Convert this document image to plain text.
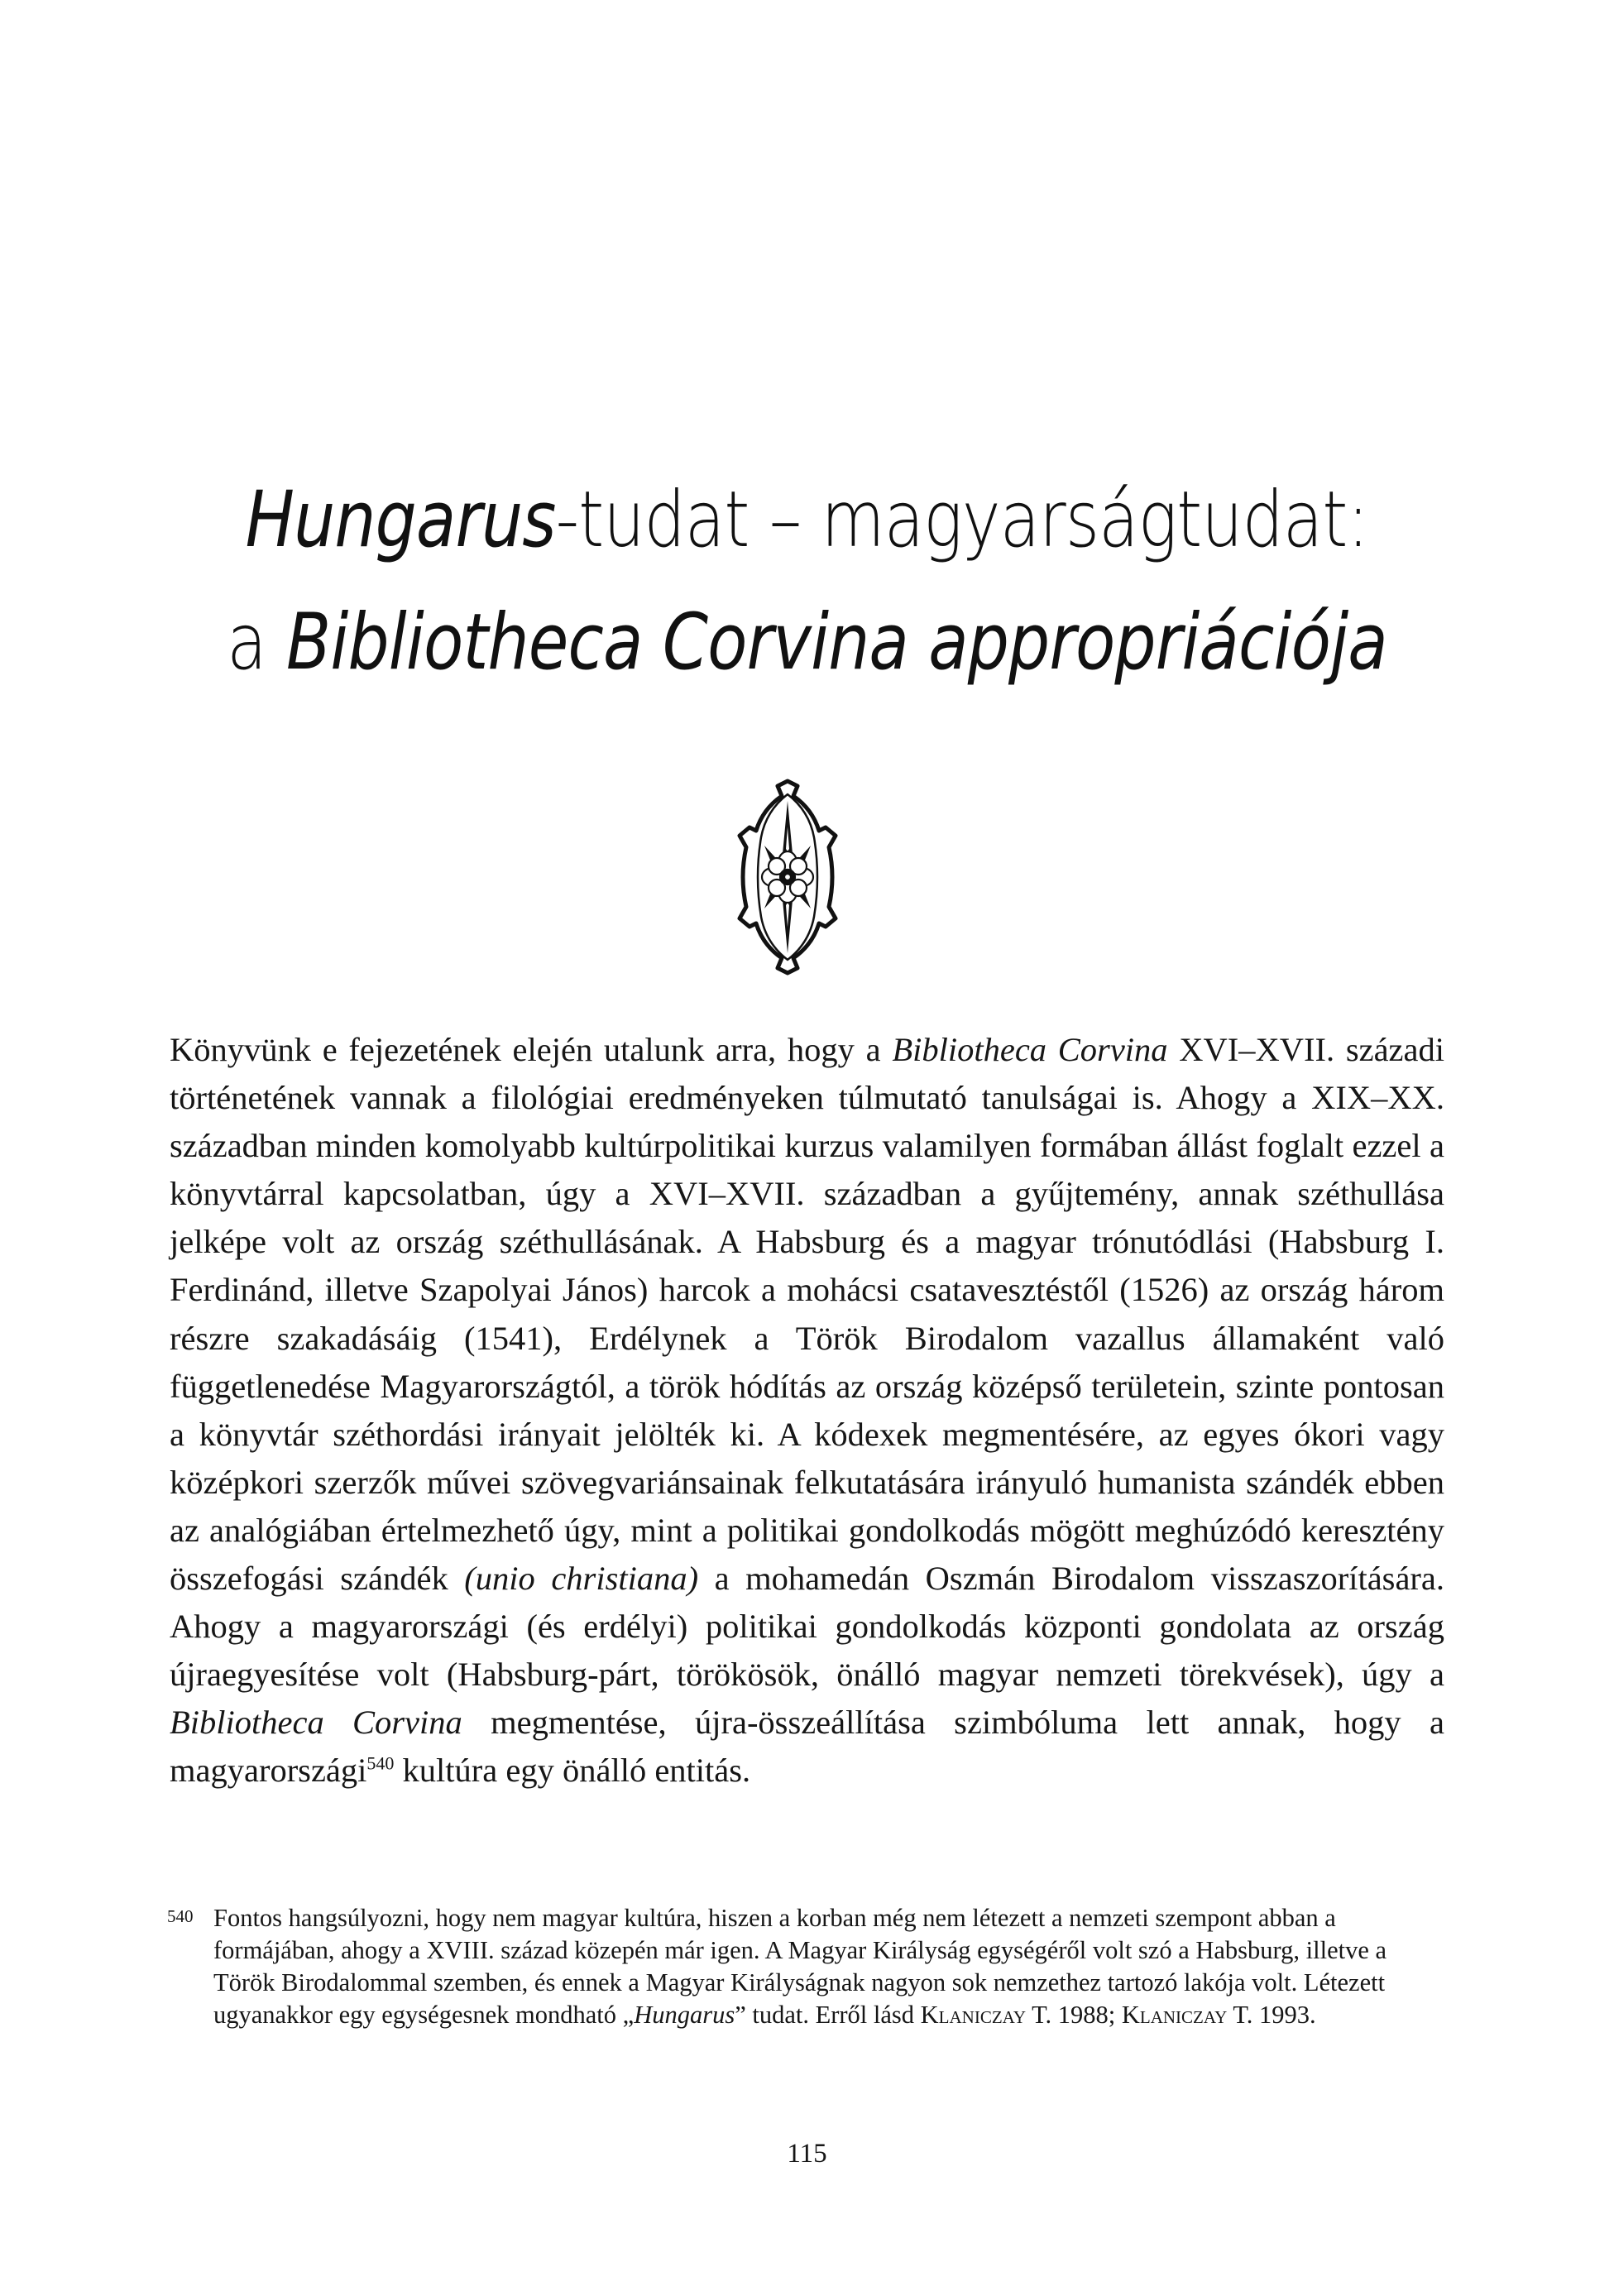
Hungarus-tudat – magyarságtudat:
a Bibliotheca Corvina appropriációja

Könyvünk e fejezetének elején utalunk arra, hogy a Bibliotheca Corvina XVI–XVII. századi történetének vannak a filológiai eredményeken túlmutató tanulságai is. Ahogy a XIX–XX. században minden komolyabb kultúrpolitikai kurzus valamilyen formában állást foglalt ezzel a könyvtárral kapcsolatban, úgy a XVI–XVII. században a gyűjtemény, annak széthullása jelképe volt az ország széthullásának. A Habsburg és a magyar trónutódlási (Habsburg I. Ferdinánd, illetve Szapolyai János) harcok a mohácsi csatavesztéstől (1526) az ország három részre szakadásáig (1541), Erdélynek a Török Birodalom vazallus államaként való függetlenedése Magyarországtól, a török hódítás az ország középső területein, szinte pontosan a könyvtár széthordási irányait jelölték ki. A kódexek megmentésére, az egyes ókori vagy középkori szerzők művei szövegvariánsainak felkutatására irányuló humanista szándék ebben az analógiában értelmezhető úgy, mint a politikai gondolkodás mögött meghúzódó keresztény összefogási szándék (unio christiana) a mohamedán Oszmán Birodalom visszaszorítására. Ahogy a magyarországi (és erdélyi) politikai gondolkodás központi gondolata az ország újraegyesítése volt (Habsburg-párt, törökösök, önálló magyar nemzeti törekvések), úgy a Bibliotheca Corvina megmentése, újra-összeállítása szimbóluma lett annak, hogy a magyarországi$^{540}$ kultúra egy önálló entitás.

540 Fontos hangsúlyozni, hogy nem magyar kultúra, hiszen a korban még nem létezett a nemzeti szempont abban a formájában, ahogy a XVIII. század közepén már igen. A Magyar Királyság egységéről volt szó a Habsburg, illetve a Török Birodalommal szemben, és ennek a Magyar Királyságnak nagyon sok nemzethez tartozó lakója volt. Létezett ugyanakkor egy egységesnek mondható „Hungarus” tudat. Erről lásd Klaniczay T. 1988; Klaniczay T. 1993.
115
